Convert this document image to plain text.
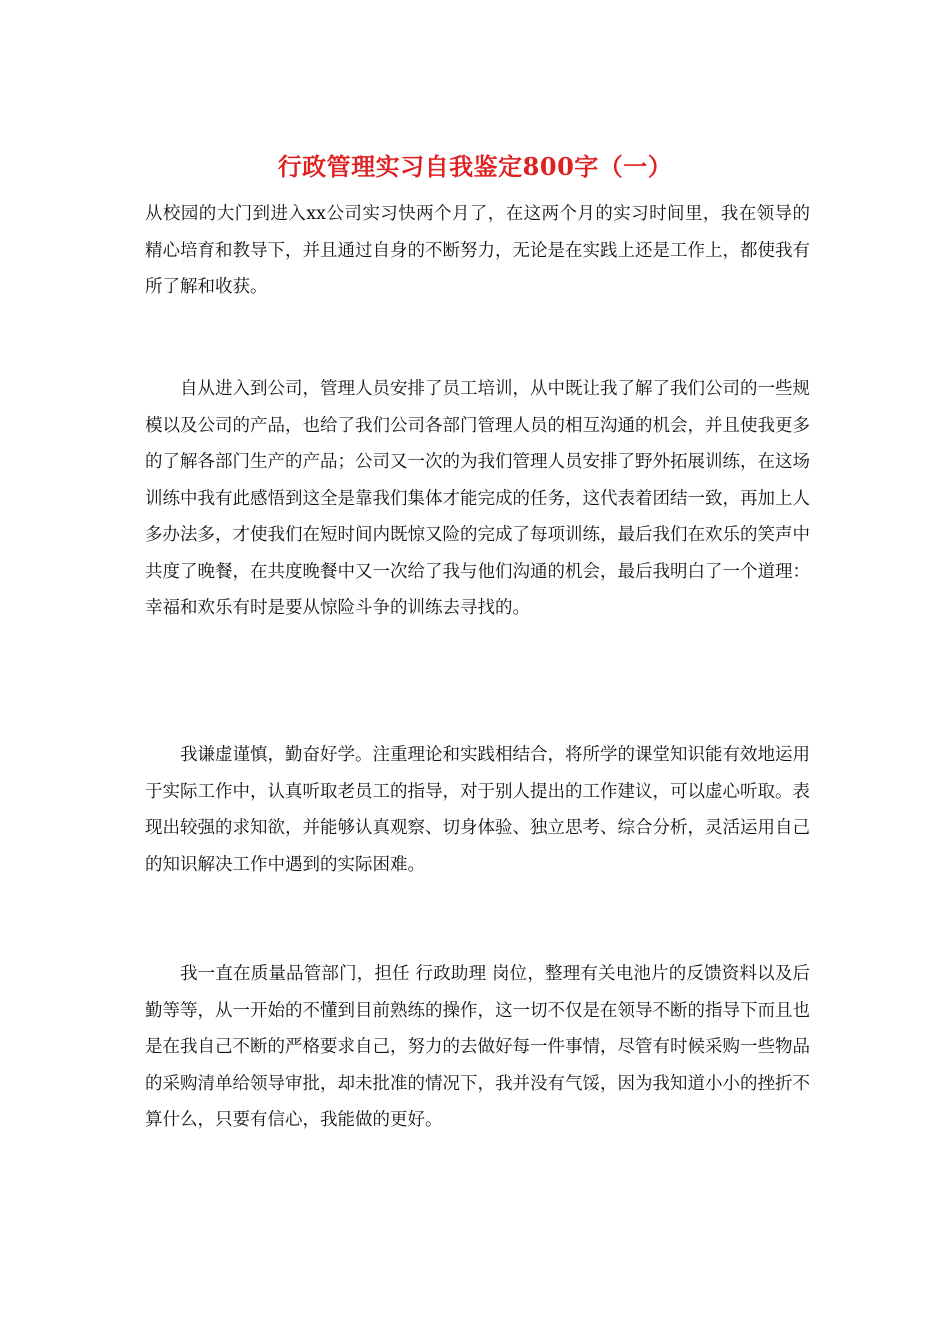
行政管理实习自我鉴定800字（一）

从校园的大门到进入xx公司实习快两个月了，在这两个月的实习时间里，我在领导的精心培育和教导下，并且通过自身的不断努力，无论是在实践上还是工作上，都使我有所了解和收获。

自从进入到公司，管理人员安排了员工培训，从中既让我了解了我们公司的一些规模以及公司的产品，也给了我们公司各部门管理人员的相互沟通的机会，并且使我更多的了解各部门生产的产品；公司又一次的为我们管理人员安排了野外拓展训练，在这场训练中我有此感悟到这全是靠我们集体才能完成的任务，这代表着团结一致，再加上人多办法多，才使我们在短时间内既惊又险的完成了每项训练，最后我们在欢乐的笑声中共度了晚餐，在共度晚餐中又一次给了我与他们沟通的机会，最后我明白了一个道理：幸福和欢乐有时是要从惊险斗争的训练去寻找的。

我谦虚谨慎，勤奋好学。注重理论和实践相结合，将所学的课堂知识能有效地运用于实际工作中，认真听取老员工的指导，对于别人提出的工作建议，可以虚心听取。表现出较强的求知欲，并能够认真观察、切身体验、独立思考、综合分析，灵活运用自己的知识解决工作中遇到的实际困难。

我一直在质量品管部门，担任 行政助理 岗位，整理有关电池片的反馈资料以及后勤等等，从一开始的不懂到目前熟练的操作，这一切不仅是在领导不断的指导下而且也是在我自己不断的严格要求自己，努力的去做好每一件事情，尽管有时候采购一些物品的采购清单给领导审批，却未批准的情况下，我并没有气馁，因为我知道小小的挫折不算什么，只要有信心，我能做的更好。
